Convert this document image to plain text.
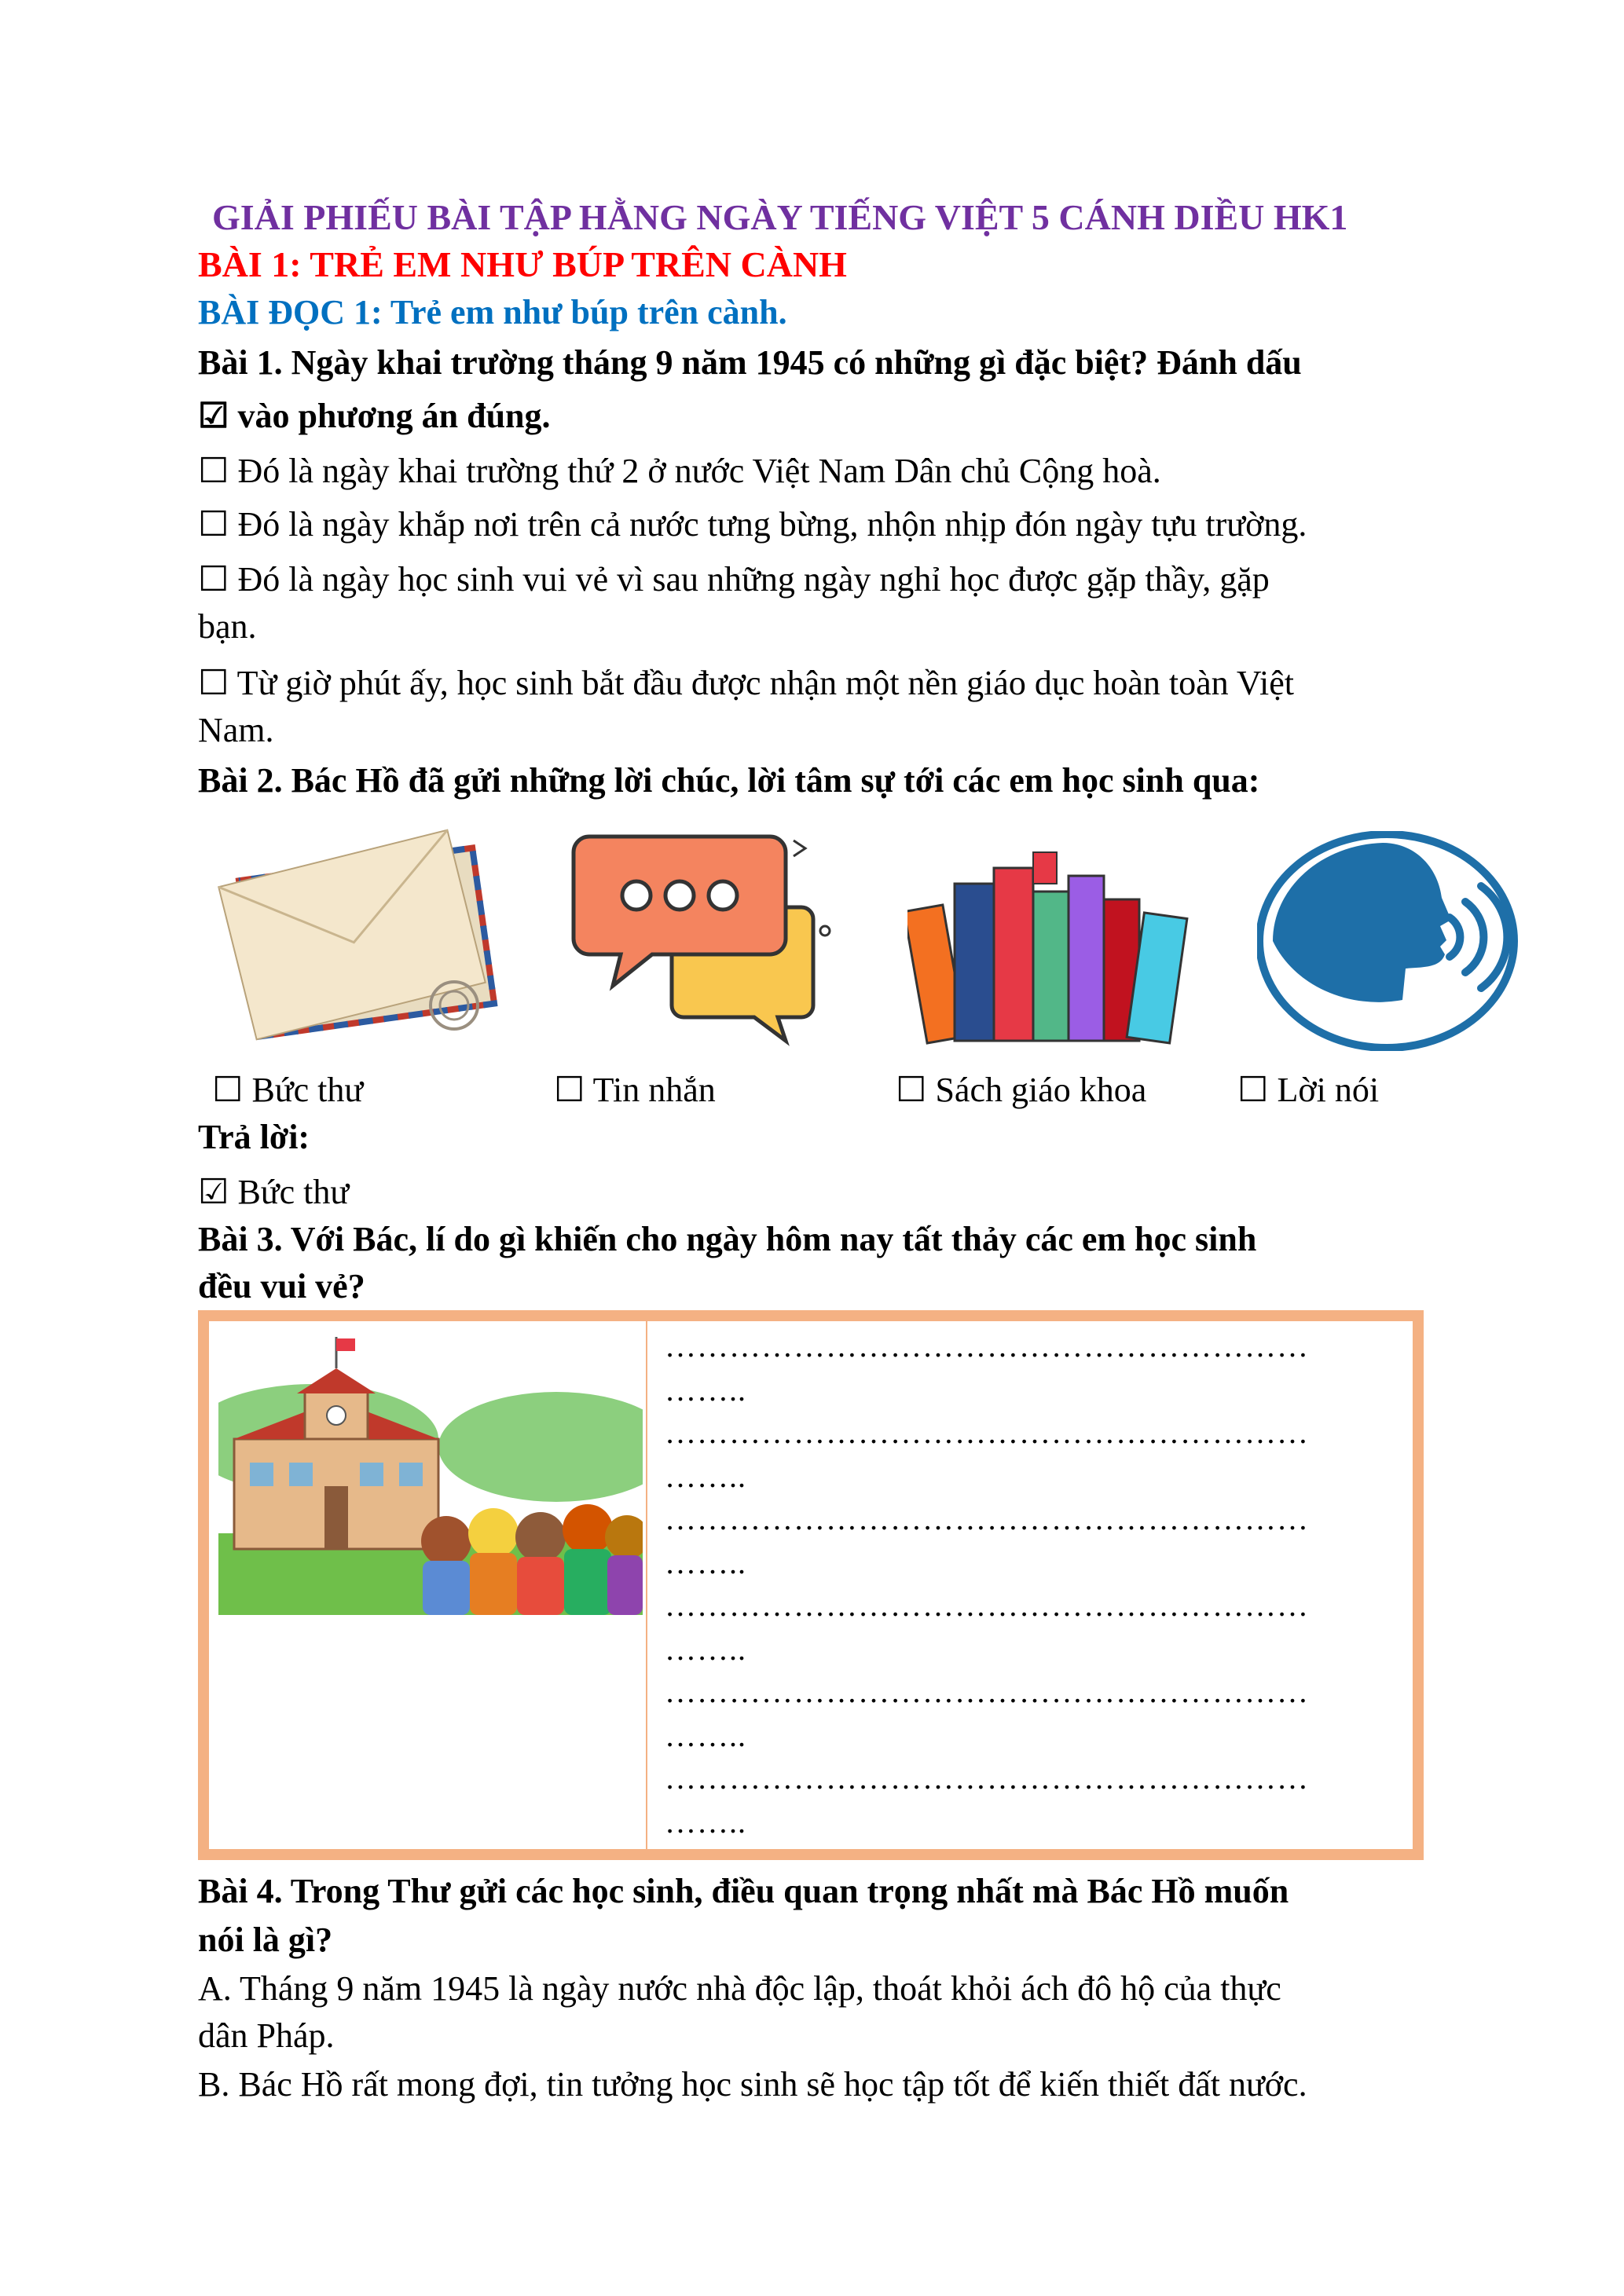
GIẢI PHIẾU BÀI TẬP HẰNG NGÀY TIẾNG VIỆT 5 CÁNH DIỀU HK1
BÀI 1: TRẺ EM NHƯ BÚP TRÊN CÀNH
BÀI ĐỌC 1: Trẻ em như búp trên cành.
Bài 1. Ngày khai trường tháng 9 năm 1945 có những gì đặc biệt? Đánh dấu
☑ vào phương án đúng.
☐ Đó là ngày khai trường thứ 2 ở nước Việt Nam Dân chủ Cộng hoà.
☐ Đó là ngày khắp nơi trên cả nước tưng bừng, nhộn nhịp đón ngày tựu trường.
☐ Đó là ngày học sinh vui vẻ vì sau những ngày nghỉ học được gặp thầy, gặp
bạn.
☐ Từ giờ phút ấy, học sinh bắt đầu được nhận một nền giáo dục hoàn toàn Việt
Nam.
Bài 2. Bác Hồ đã gửi những lời chúc, lời tâm sự tới các em học sinh qua:
☐ Bức thư	☐ Tin nhắn	☐ Sách giáo khoa	☐ Lời nói
Trả lời:
☑ Bức thư
Bài 3. Với Bác, lí do gì khiến cho ngày hôm nay tất thảy các em học sinh
đều vui vẻ?
……………………………………………………
……..
……………………………………………………
……..
……………………………………………………
……..
……………………………………………………
……..
……………………………………………………
……..
……………………………………………………
……..
Bài 4. Trong Thư gửi các học sinh, điều quan trọng nhất mà Bác Hồ muốn
nói là gì?
A. Tháng 9 năm 1945 là ngày nước nhà độc lập, thoát khỏi ách đô hộ của thực
dân Pháp.
B. Bác Hồ rất mong đợi, tin tưởng học sinh sẽ học tập tốt để kiến thiết đất nước.
